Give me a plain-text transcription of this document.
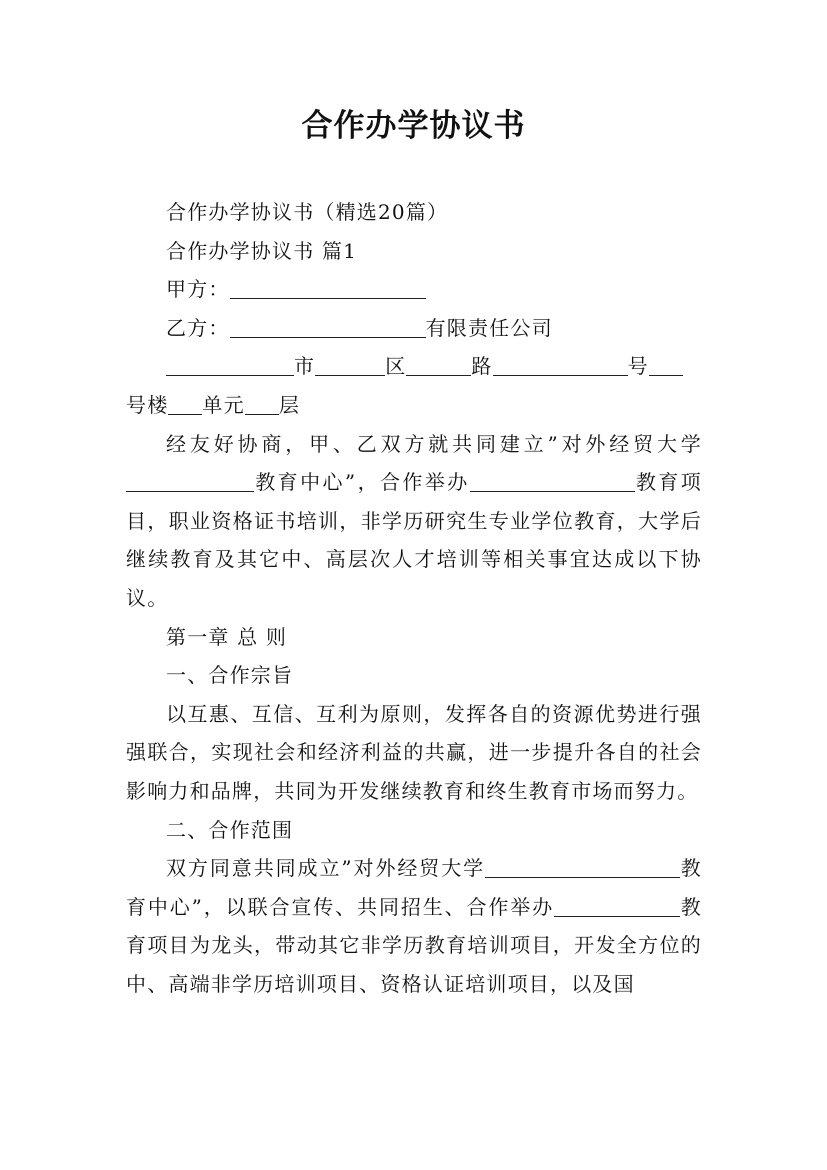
合作办学协议书

合作办学协议书（精选20篇）

合作办学协议书 篇1

甲方：

乙方：	有限责任公司

市	区	路	号
号楼 单元 层

经友好协商，甲、乙双方就共同建立”对外经贸大学教育中心”，合作举办	教育项目，职业资格证书培训，非学历研究生专业学位教育，大学后继续教育及其它中、高层次人才培训等相关事宜达成以下协议。

第一章 总 则

一、合作宗旨

以互惠、互信、互利为原则，发挥各自的资源优势进行强强联合，实现社会和经济利益的共赢，进一步提升各自的社会影响力和品牌，共同为开发继续教育和终生教育市场而努力。

二、合作范围

双方同意共同成立”对外经贸大学	教育中心”，以联合宣传、共同招生、合作举办	教育项目为龙头，带动其它非学历教育培训项目，开发全方位的中、高端非学历培训项目、资格认证培训项目，以及国
